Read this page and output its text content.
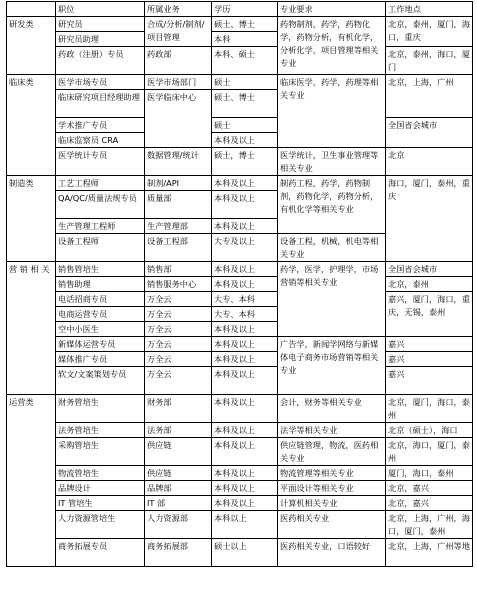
	职位	所属业务	学历	专业要求	工作地点
研发类	研究员	合成/分析/制剂/项目管理	硕士、博士	药物制剂，药学，药物化学，药物分析，有机化学，分析化学，项目管理等相关专业	北京，泰州，厦门，海口，重庆
	研究员助理		本科		
	药政（注册）专员	药政部	本科、硕士		北京，泰州，海口，厦门
临床类	医学市场专员	医学市场部门	硕士	临床医学，药学，药理等相关专业	北京，上海，广州
	临床研究项目经理助理	医学临床中心	硕士、博士		
	学术推广专员		硕士		全国省会城市
	临床监察员 CRA		本科及以上		
	医学统计专员	数据管理/统计	硕士，博士	医学统计，卫生事业管理等相关专业	北京
制造类	工艺工程师	制剂/API	本科及以上	制药工程，药学，药物制剂，药物化学，药物分析，有机化学等相关专业	海口，厦门，泰州，重庆
	QA/QC/质量法规专员	质量部	本科及以上		
	生产管理工程师	生产管理部	本科及以上		
	设备工程师	设备工程部	大专及以上	设备工程，机械，机电等相关专业	
营 销 相 关	销售管培生	销售部	本科及以上	药学，医学，护理学，市场营销等相关专业	全国省会城市
	销售助理	销售服务中心	本科及以上		北京，泰州
	电话招商专员	万全云	大专、本科		嘉兴，厦门，海口，重庆，无锡，泰州
	电商运营专员	万全云	大专、本科		
	空中小医生	万全云	本科及以上		
	新媒体运营专员	万全云	本科及以上	广告学，新闻学网络与新媒体电子商务市场营销等相关专业	嘉兴
	媒体推广专员	万全云	本科及以上		嘉兴
	软文/文案策划专员	万全云	本科及以上		嘉兴
运营类	财务管培生	财务部	本科及以上	会计，财务等相关专业	北京，厦门，海口，泰州
	法务管培生	法务部	本科及以上	法学等相关专业	北京（硕士），海口
	采购管培生	供应链	本科及以上	供应链管理，物流，医药相关专业	北京，海口，厦门，泰州
	物流管培生	供应链	本科及以上	物流管理等相关专业	厦门，海口，泰州
	品牌设计	品牌部	本科及以上	平面设计等相关专业	北京，嘉兴
	IT 管培生	IT 部	本科及以上	计算机相关专业	北京，嘉兴
	人力资源管培生	人力资源部	本科以上	医药相关专业	北京，上海，广州，海口，厦门，泰州
	商务拓展专员	商务拓展部	硕士以上	医药相关专业，口语较好	北京，上海，广州等地
